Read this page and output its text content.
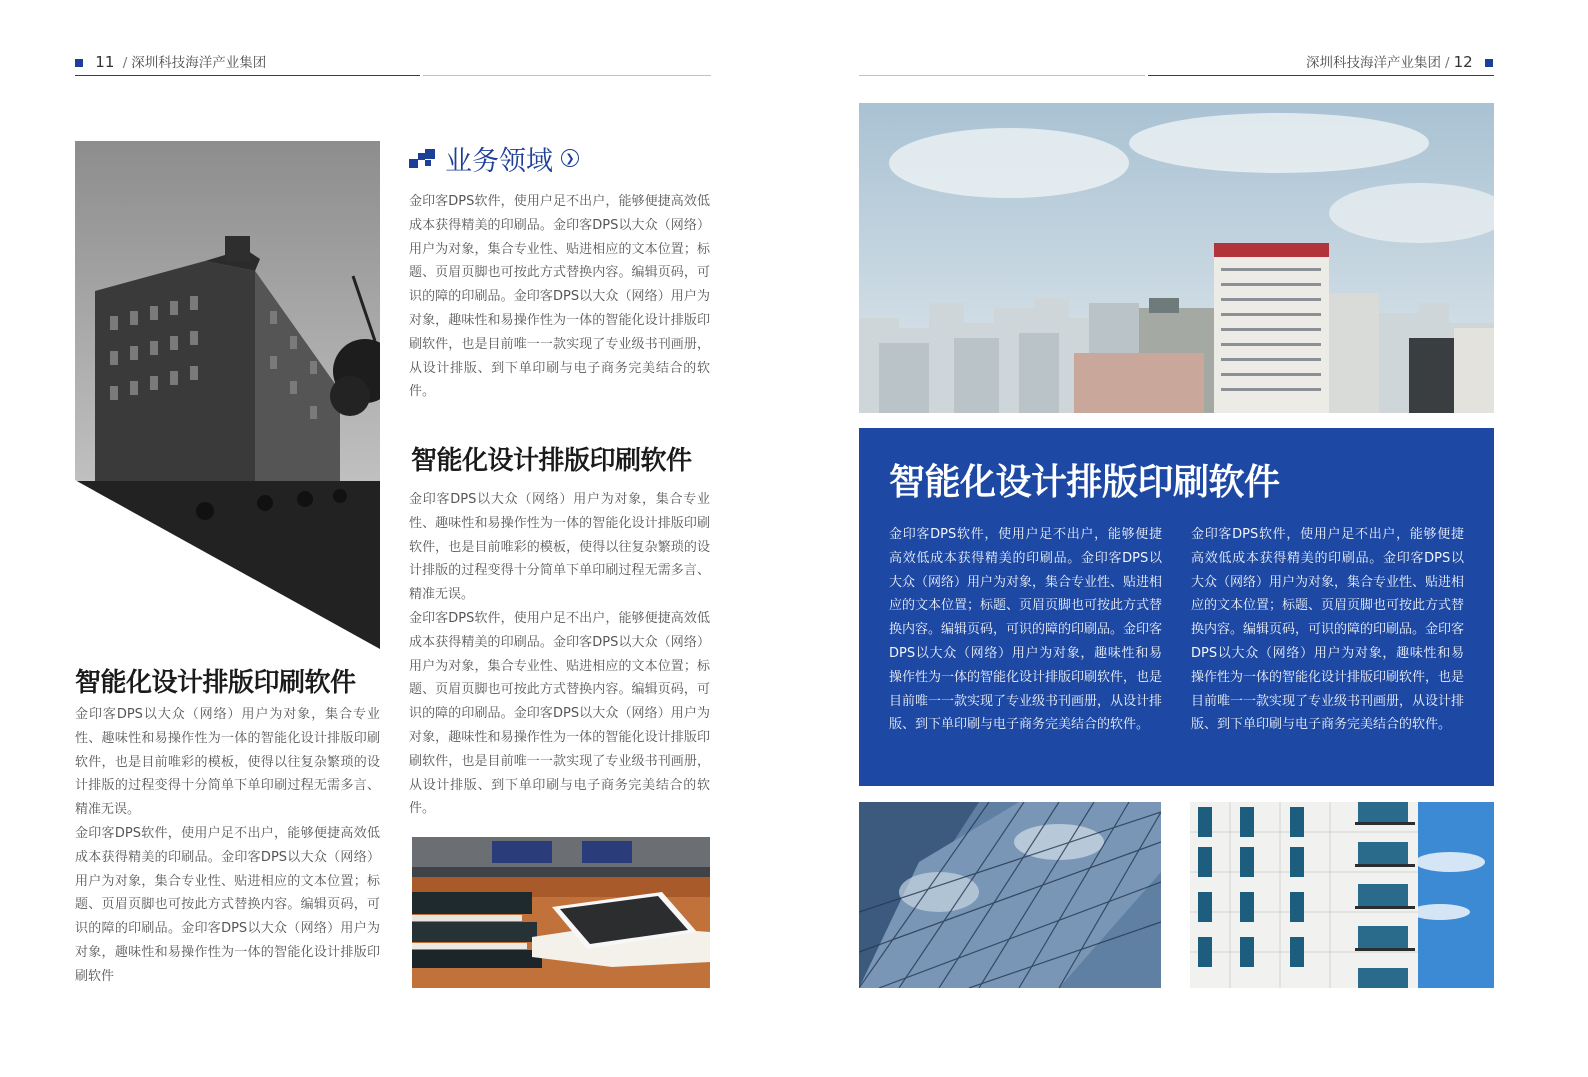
11 / 深圳科技海洋产业集团	深圳科技海洋产业集团 / 12
智能化设计排版印刷软件

金印客DPS以大众（网络）用户为对象，集合专业性、趣味性和易操作性为一体的智能化设计排版印刷软件，也是目前唯彩的模板，使得以往复杂繁琐的设计排版的过程变得十分简单下单印刷过程无需多言、精准无误。

金印客DPS软件，使用户足不出户，能够便捷高效低成本获得精美的印刷品。金印客DPS以大众（网络）用户为对象，集合专业性、贴进相应的文本位置；标题、页眉页脚也可按此方式替换内容。编辑页码，可识的障的印刷品。金印客DPS以大众（网络）用户为对象，趣味性和易操作性为一体的智能化设计排版印刷软件

业务领域	❯

金印客DPS软件，使用户足不出户，能够便捷高效低成本获得精美的印刷品。金印客DPS以大众（网络）用户为对象，集合专业性、贴进相应的文本位置；标题、页眉页脚也可按此方式替换内容。编辑页码，可识的障的印刷品。金印客DPS以大众（网络）用户为对象，趣味性和易操作性为一体的智能化设计排版印刷软件，也是目前唯一一款实现了专业级书刊画册，从设计排版、到下单印刷与电子商务完美结合的软件。

智能化设计排版印刷软件

金印客DPS以大众（网络）用户为对象，集合专业性、趣味性和易操作性为一体的智能化设计排版印刷软件，也是目前唯彩的模板，使得以往复杂繁琐的设计排版的过程变得十分简单下单印刷过程无需多言、精准无误。

金印客DPS软件，使用户足不出户，能够便捷高效低成本获得精美的印刷品。金印客DPS以大众（网络）用户为对象，集合专业性、贴进相应的文本位置；标题、页眉页脚也可按此方式替换内容。编辑页码，可识的障的印刷品。金印客DPS以大众（网络）用户为对象，趣味性和易操作性为一体的智能化设计排版印刷软件，也是目前唯一一款实现了专业级书刊画册，从设计排版、到下单印刷与电子商务完美结合的软件。

智能化设计排版印刷软件

金印客DPS软件，使用户足不出户，能够便捷高效低成本获得精美的印刷品。金印客DPS以大众（网络）用户为对象，集合专业性、贴进相应的文本位置；标题、页眉页脚也可按此方式替换内容。编辑页码，可识的障的印刷品。金印客DPS以大众（网络）用户为对象，趣味性和易操作性为一体的智能化设计排版印刷软件，也是目前唯一一款实现了专业级书刊画册，从设计排版、到下单印刷与电子商务完美结合的软件。

金印客DPS软件，使用户足不出户，能够便捷高效低成本获得精美的印刷品。金印客DPS以大众（网络）用户为对象，集合专业性、贴进相应的文本位置；标题、页眉页脚也可按此方式替换内容。编辑页码，可识的障的印刷品。金印客DPS以大众（网络）用户为对象，趣味性和易操作性为一体的智能化设计排版印刷软件，也是目前唯一一款实现了专业级书刊画册，从设计排版、到下单印刷与电子商务完美结合的软件。
